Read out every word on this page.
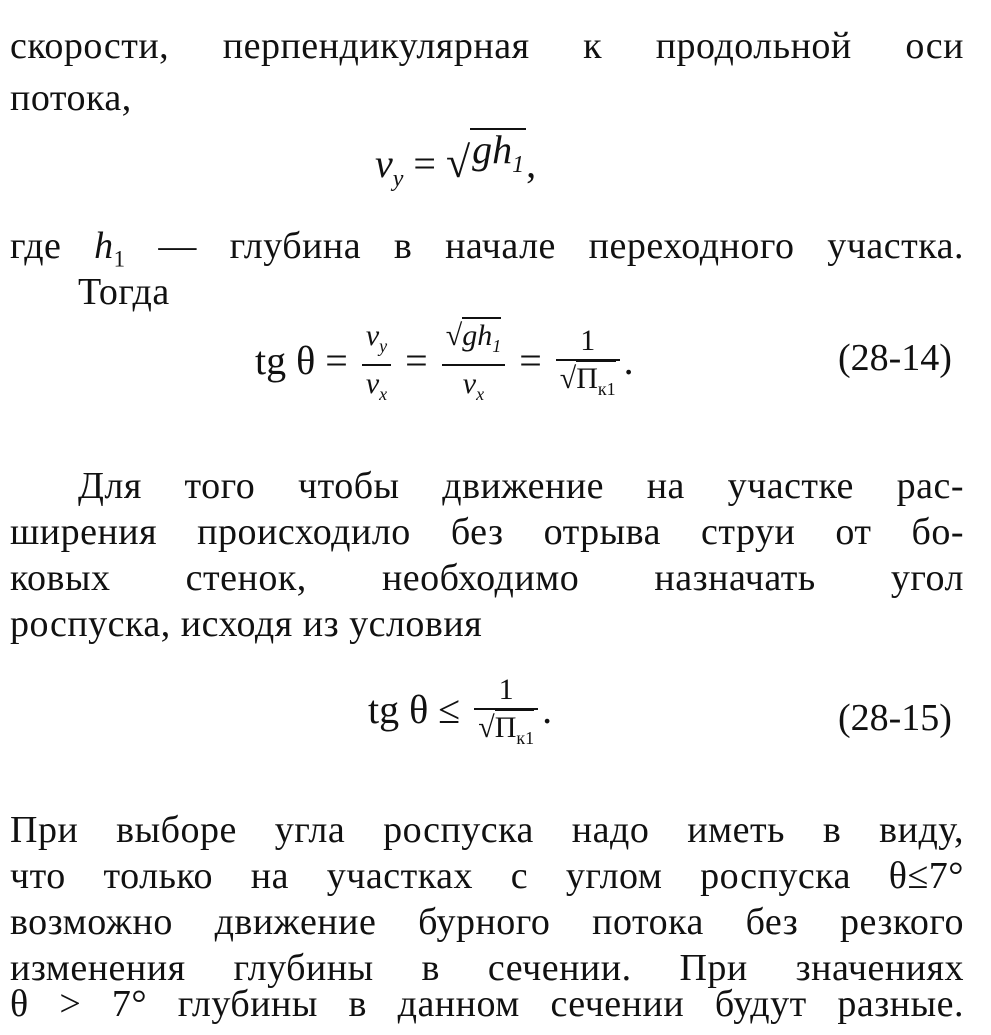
скорости, перпендикулярная к продольной оси
потока,
$v_y$ = √ $gh_1$ ,
где $h_1$ — глубина в начале переходного участка.
Тогда
tg $\theta = \frac{v_y}{v_x} = \frac{√gh_1}{v_x} = \frac{1}{√П_{к1}}$ .	(28-14)
Для того чтобы движение на участке рас-
ширения происходило без отрыва струи от бо-
ковых стенок, необходимо назначать угол
роспуска, исходя из условия
tg $\theta \le \frac{1}{√П_{к1}}$ .	(28-15)
При выборе угла роспуска надо иметь в виду,
что только на участках с углом роспуска θ≤7°
возможно движение бурного потока без резкого
изменения глубины в сечении. При значениях
θ > 7° глубины в данном сечении будут разные.
